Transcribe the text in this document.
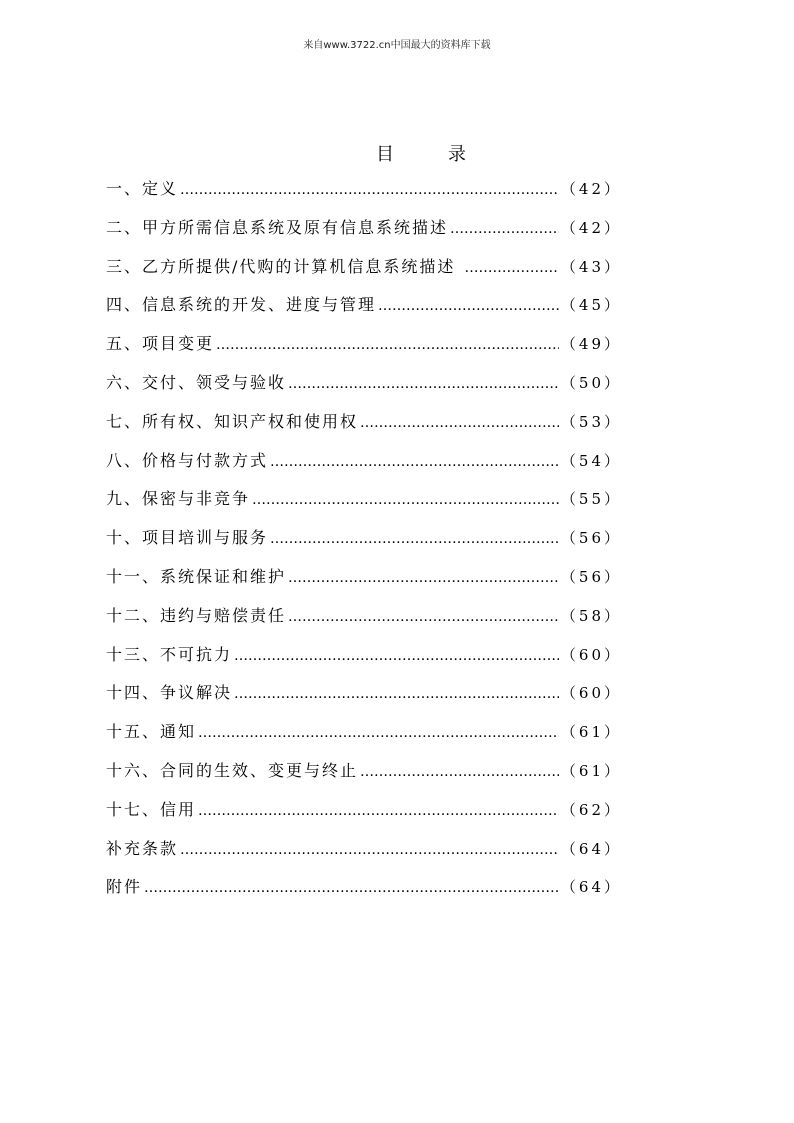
来自www.3722.cn中国最大的资料库下载
目	录
一、定义 …………………………………………………………………………………………………………………………………………………	（42）
二、甲方所需信息系统及原有信息系统描述 …………………………………………………………………………………………………………………………………………………	（42）
三、乙方所提供/代购的计算机信息系统描述 …………………………………………………………………………………………………………………………………………………	（43）
四、信息系统的开发、进度与管理 …………………………………………………………………………………………………………………………………………………	（45）
五、项目变更 …………………………………………………………………………………………………………………………………………………	（49）
六、交付、领受与验收 …………………………………………………………………………………………………………………………………………………	（50）
七、所有权、知识产权和使用权 …………………………………………………………………………………………………………………………………………………	（53）
八、价格与付款方式 …………………………………………………………………………………………………………………………………………………	（54）
九、保密与非竞争 …………………………………………………………………………………………………………………………………………………	（55）
十、项目培训与服务 …………………………………………………………………………………………………………………………………………………	（56）
十一、系统保证和维护 …………………………………………………………………………………………………………………………………………………	（56）
十二、违约与赔偿责任 …………………………………………………………………………………………………………………………………………………	（58）
十三、不可抗力 …………………………………………………………………………………………………………………………………………………	（60）
十四、争议解决 …………………………………………………………………………………………………………………………………………………	（60）
十五、通知 …………………………………………………………………………………………………………………………………………………	（61）
十六、合同的生效、变更与终止 …………………………………………………………………………………………………………………………………………………	（61）
十七、信用 …………………………………………………………………………………………………………………………………………………	（62）
补充条款 …………………………………………………………………………………………………………………………………………………	（64）
附件 …………………………………………………………………………………………………………………………………………………	（64）
